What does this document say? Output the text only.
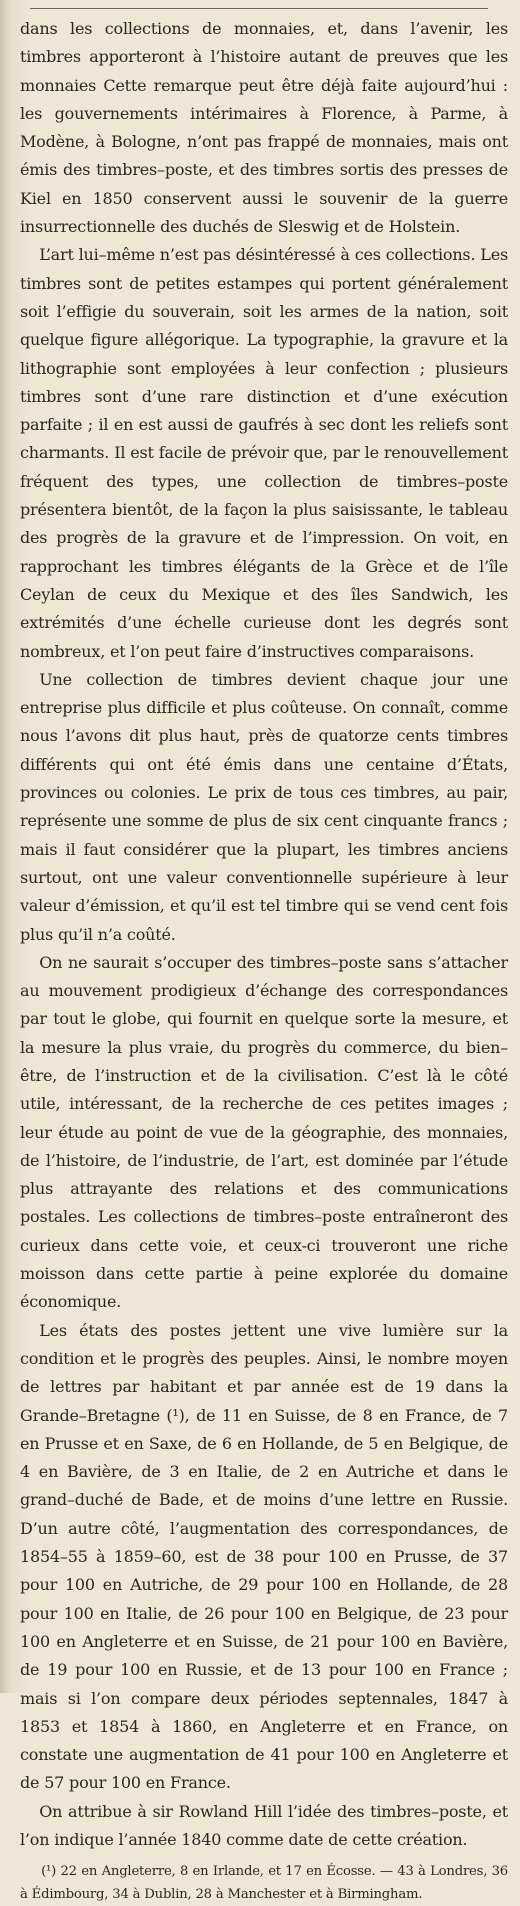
dans les collections de monnaies, et, dans l’avenir, les timbres apporteront à l’histoire autant de preuves que les monnaies Cette remarque peut être déjà faite aujourd’hui : les gouvernements intérimaires à Florence, à Parme, à Modène, à Bologne, n’ont pas frappé de monnaies, mais ont émis des timbres–poste, et des timbres sortis des presses de Kiel en 1850 conservent aussi le souvenir de la guerre insurrectionnelle des duchés de Sleswig et de Holstein.

L’art lui–même n’est pas désintéressé à ces collections. Les timbres sont de petites estampes qui portent généralement soit l’effigie du souverain, soit les armes de la nation, soit quelque figure allégorique. La typographie, la gravure et la lithographie sont employées à leur confection ; plusieurs timbres sont d’une rare distinction et d’une exécution parfaite ; il en est aussi de gaufrés à sec dont les reliefs sont charmants. Il est facile de prévoir que, par le renouvellement fréquent des types, une collection de timbres–poste présentera bientôt, de la façon la plus saisissante, le tableau des progrès de la gravure et de l’impression. On voit, en rapprochant les timbres élégants de la Grèce et de l’île Ceylan de ceux du Mexique et des îles Sandwich, les extrémités d’une échelle curieuse dont les degrés sont nombreux, et l’on peut faire d’instructives comparaisons.

Une collection de timbres devient chaque jour une entreprise plus difficile et plus coûteuse. On connaît, comme nous l’avons dit plus haut, près de quatorze cents timbres différents qui ont été émis dans une centaine d’États, provinces ou colonies. Le prix de tous ces timbres, au pair, représente une somme de plus de six cent cinquante francs ; mais il faut considérer que la plupart, les timbres anciens surtout, ont une valeur conventionnelle supérieure à leur valeur d’émission, et qu’il est tel timbre qui se vend cent fois plus qu’il n’a coûté.

On ne saurait s’occuper des timbres–poste sans s’attacher au mouvement prodigieux d’échange des correspondances par tout le globe, qui fournit en quelque sorte la mesure, et la mesure la plus vraie, du progrès du commerce, du bien–être, de l’instruction et de la civilisation. C’est là le côté utile, intéressant, de la recherche de ces petites images ; leur étude au point de vue de la géographie, des monnaies, de l’histoire, de l’industrie, de l’art, est dominée par l’étude plus attrayante des relations et des communications postales. Les collections de timbres–poste entraîneront des curieux dans cette voie, et ceux-ci trouveront une riche moisson dans cette partie à peine explorée du domaine économique.

Les états des postes jettent une vive lumière sur la condition et le progrès des peuples. Ainsi, le nombre moyen de lettres par habitant et par année est de 19 dans la Grande–Bretagne (¹), de 11 en Suisse, de 8 en France, de 7 en Prusse et en Saxe, de 6 en Hollande, de 5 en Belgique, de 4 en Bavière, de 3 en Italie, de 2 en Autriche et dans le grand–duché de Bade, et de moins d’une lettre en Russie. D’un autre côté, l’augmentation des correspondances, de 1854–55 à 1859–60, est de 38 pour 100 en Prusse, de 37 pour 100 en Autriche, de 29 pour 100 en Hollande, de 28 pour 100 en Italie, de 26 pour 100 en Belgique, de 23 pour 100 en Angleterre et en Suisse, de 21 pour 100 en Bavière, de 19 pour 100 en Russie, et de 13 pour 100 en France ; mais si l’on compare deux périodes septennales, 1847 à 1853 et 1854 à 1860, en Angleterre et en France, on constate une augmentation de 41 pour 100 en Angleterre et de 57 pour 100 en France.

On attribue à sir Rowland Hill l’idée des timbres–poste, et l’on indique l’année 1840 comme date de cette création.

(¹) 22 en Angleterre, 8 en Irlande, et 17 en Écosse. — 43 à Londres, 36 à Édimbourg, 34 à Dublin, 28 à Manchester et à Birmingham.
